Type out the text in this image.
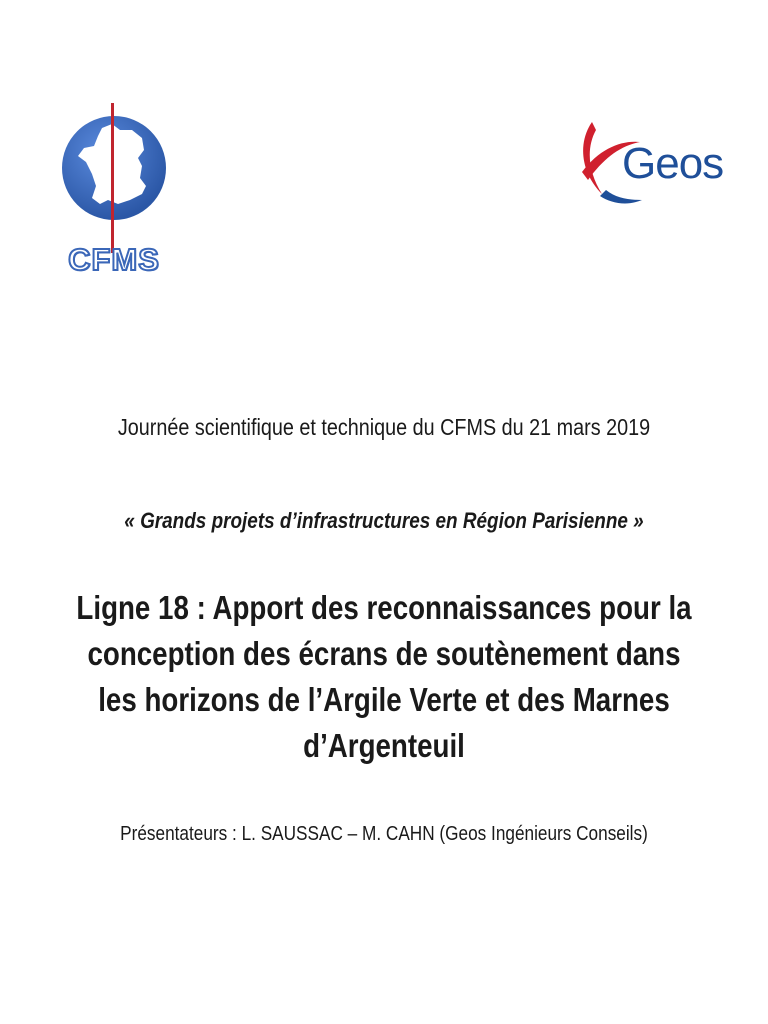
CFMS
Geos
Journée scientifique et technique du CFMS du 21 mars 2019
« Grands projets d’infrastructures en Région Parisienne »
Ligne 18 : Apport des reconnaissances pour la
conception des écrans de soutènement dans
les horizons de l’Argile Verte et des Marnes
d’Argenteuil
Présentateurs : L. SAUSSAC – M. CAHN (Geos Ingénieurs Conseils)
